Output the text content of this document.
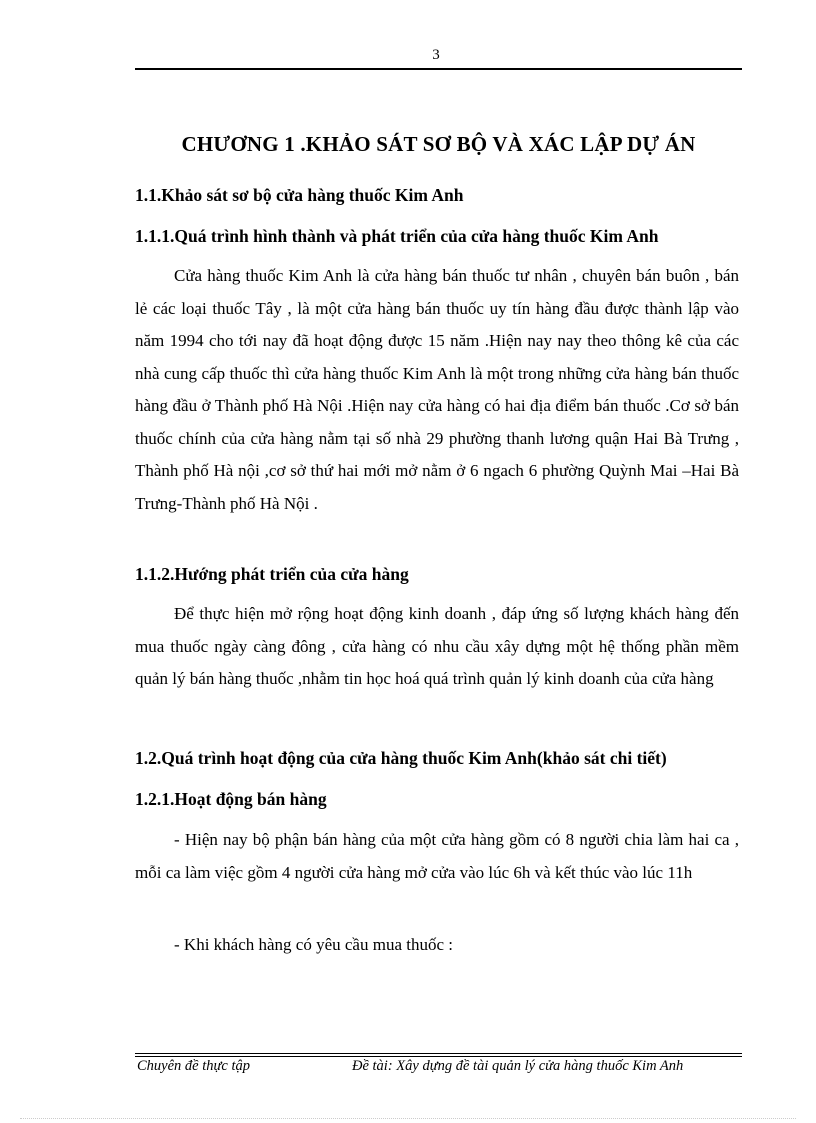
3
CHƯƠNG 1 .KHẢO SÁT SƠ BỘ VÀ XÁC LẬP DỰ ÁN
1.1.Khảo sát sơ bộ cửa hàng thuốc Kim Anh
1.1.1.Quá trình hình thành và phát triển của cửa hàng thuốc Kim Anh
Cửa hàng thuốc Kim Anh là cửa hàng bán thuốc tư nhân , chuyên bán buôn , bán lẻ các loại thuốc Tây , là một cửa hàng bán thuốc uy tín hàng đầu được thành lập vào năm 1994 cho tới nay đã hoạt động được 15 năm .Hiện nay nay theo thông kê của các nhà cung cấp thuốc thì cửa hàng thuốc Kim Anh là một trong những cửa hàng bán thuốc hàng đầu ở Thành phố Hà Nội .Hiện nay cửa hàng có hai địa điểm bán thuốc .Cơ sở bán thuốc chính của cửa hàng nằm tại số nhà 29 phường thanh lương quận Hai Bà Trưng , Thành phố Hà nội ,cơ sở thứ hai mới mở nằm ở 6 ngach 6 phường Quỳnh Mai –Hai Bà Trưng-Thành phố Hà Nội .
1.1.2.Hướng phát triển của cửa hàng
Để thực hiện mở rộng hoạt động kinh doanh , đáp ứng số lượng khách hàng đến mua thuốc ngày càng đông , cửa hàng có nhu cầu xây dựng một hệ thống phần mềm quản lý bán hàng thuốc ,nhằm tin học hoá quá trình quản lý kinh doanh của cửa hàng
1.2.Quá trình hoạt động của cửa hàng thuốc Kim Anh(khảo sát chi tiết)
1.2.1.Hoạt động bán hàng
- Hiện nay bộ phận bán hàng của một cửa hàng gồm có 8 người chia làm hai ca , mỗi ca làm việc gồm 4 người cửa hàng mở cửa vào lúc 6h và kết thúc vào lúc 11h
- Khi khách hàng có yêu cầu mua thuốc :
Chuyên đề thực tập	Đề tài: Xây dựng đề tài quản lý cửa hàng thuốc Kim Anh
